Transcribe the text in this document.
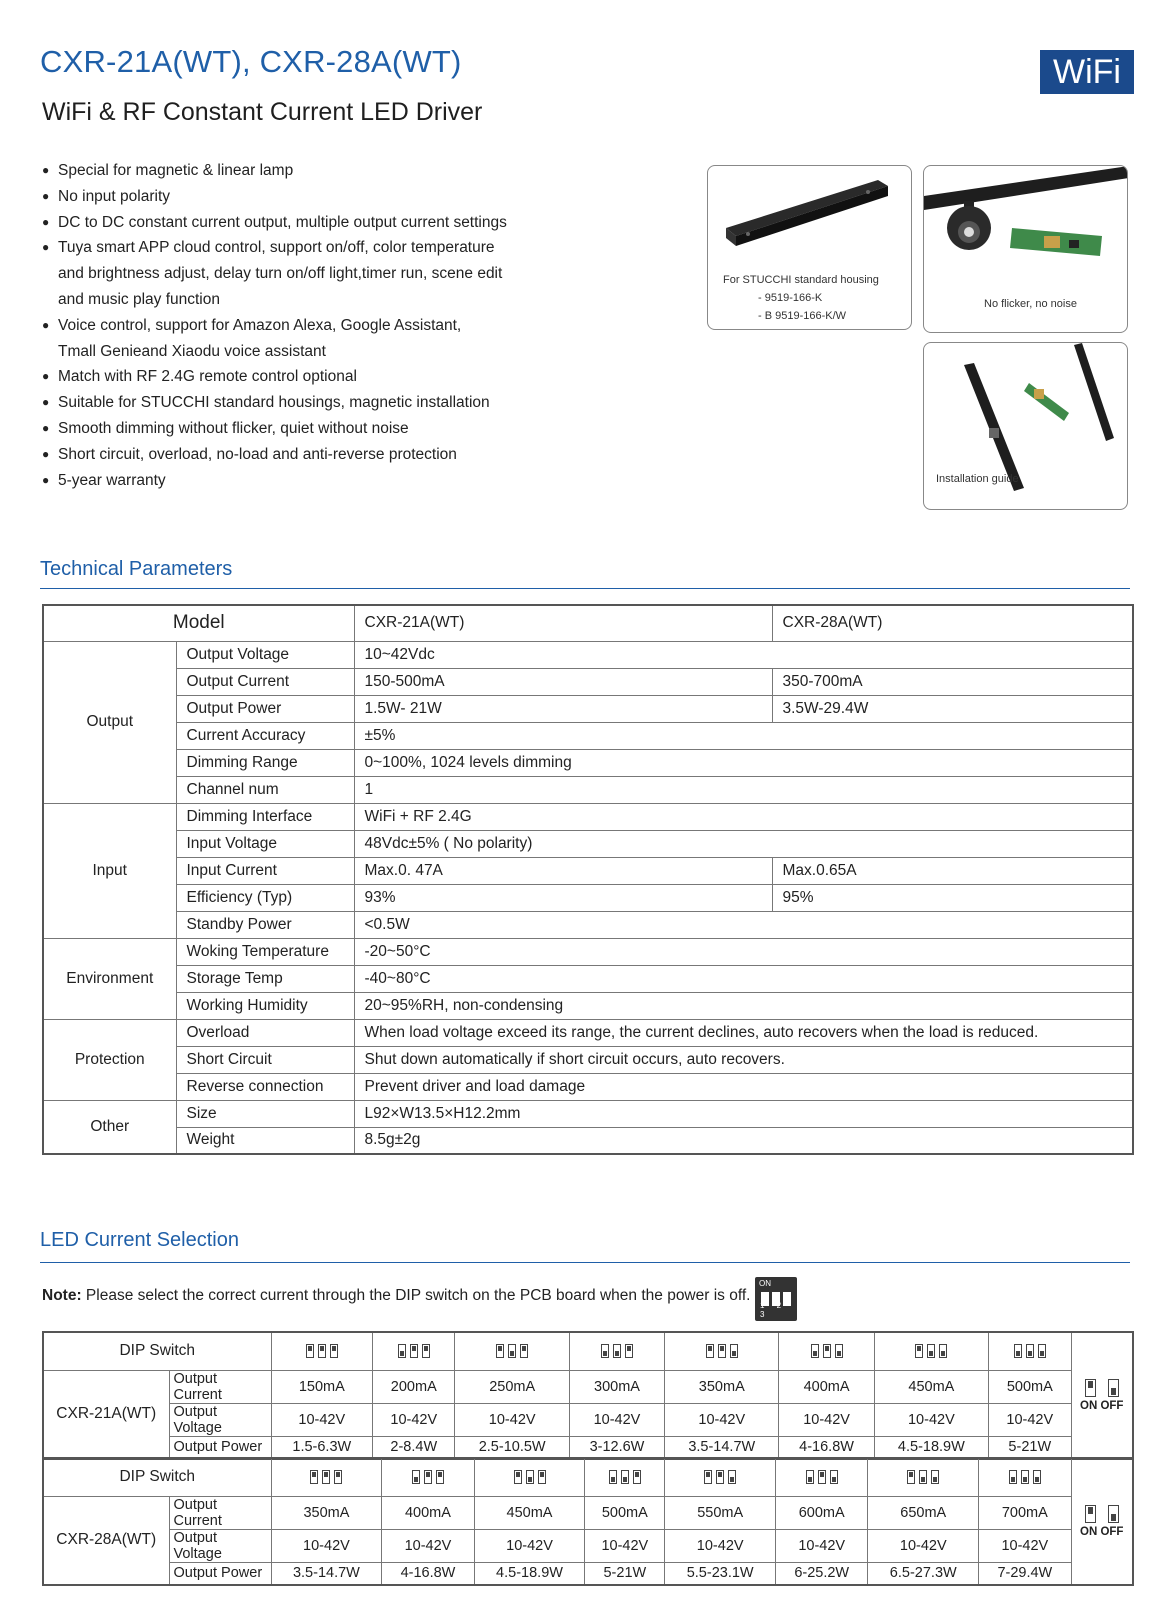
CXR-21A(WT), CXR-28A(WT)
WiFi & RF Constant Current LED Driver
WiFi
● Special for magnetic & linear lamp
● No input polarity
● DC to DC constant current output, multiple output current settings
● Tuya smart APP cloud control, support on/off, color temperature and brightness adjust, delay turn on/off light,timer run, scene edit and music play function
● Voice control, support for Amazon Alexa, Google Assistant, Tmall Genieand Xiaodu voice assistant
● Match with RF 2.4G remote control optional
● Suitable for STUCCHI standard housings, magnetic installation
● Smooth dimming without flicker, quiet without noise
● Short circuit, overload, no-load and anti-reverse protection
● 5-year warranty
For STUCCHI standard housing
- 9519-166-K
- B 9519-166-K/W
No flicker, no noise
Installation guide
Technical Parameters
Model		CXR-21A(WT)	CXR-28A(WT)
Output	Output Voltage	10~42Vdc	
	Output Current	150-500mA	350-700mA
	Output Power	1.5W- 21W	3.5W-29.4W
	Current Accuracy	±5%	
	Dimming Range	0~100%, 1024 levels dimming	
	Channel num	1	
Input	Dimming Interface	WiFi + RF 2.4G	
	Input Voltage	48Vdc±5% ( No polarity)	
	Input Current	Max.0. 47A	Max.0.65A
	Efficiency (Typ)	93%	95%
	Standby Power	<0.5W	
Environment	Woking Temperature	-20~50°C	
	Storage Temp	-40~80°C	
	Working Humidity	20~95%RH, non-condensing	
Protection	Overload	When load voltage exceed its range, the current declines, auto recovers when the load is reduced.	
	Short Circuit	Shut down automatically if short circuit occurs, auto recovers.	
	Reverse connection	Prevent driver and load damage	
Other	Size	L92×W13.5×H12.2mm	
	Weight	8.5g±2g	
LED Current Selection
Note: Please select the correct current through the DIP switch on the PCB board when the power is off.
ON
1 2 3
DIP Switch										ON OFF

CXR-21A(WT)	Output Current	150mA	200mA	250mA	300mA	350mA	400mA	450mA	500mA	
	Output Voltage	10-42V	10-42V	10-42V	10-42V	10-42V	10-42V	10-42V	10-42V	
	Output Power	1.5-6.3W	2-8.4W	2.5-10.5W	3-12.6W	3.5-14.7W	4-16.8W	4.5-18.9W	5-21W	
DIP Switch										ON OFF

CXR-28A(WT)	Output Current	350mA	400mA	450mA	500mA	550mA	600mA	650mA	700mA	
	Output Voltage	10-42V	10-42V	10-42V	10-42V	10-42V	10-42V	10-42V	10-42V	
	Output Power	3.5-14.7W	4-16.8W	4.5-18.9W	5-21W	5.5-23.1W	6-25.2W	6.5-27.3W	7-29.4W	
